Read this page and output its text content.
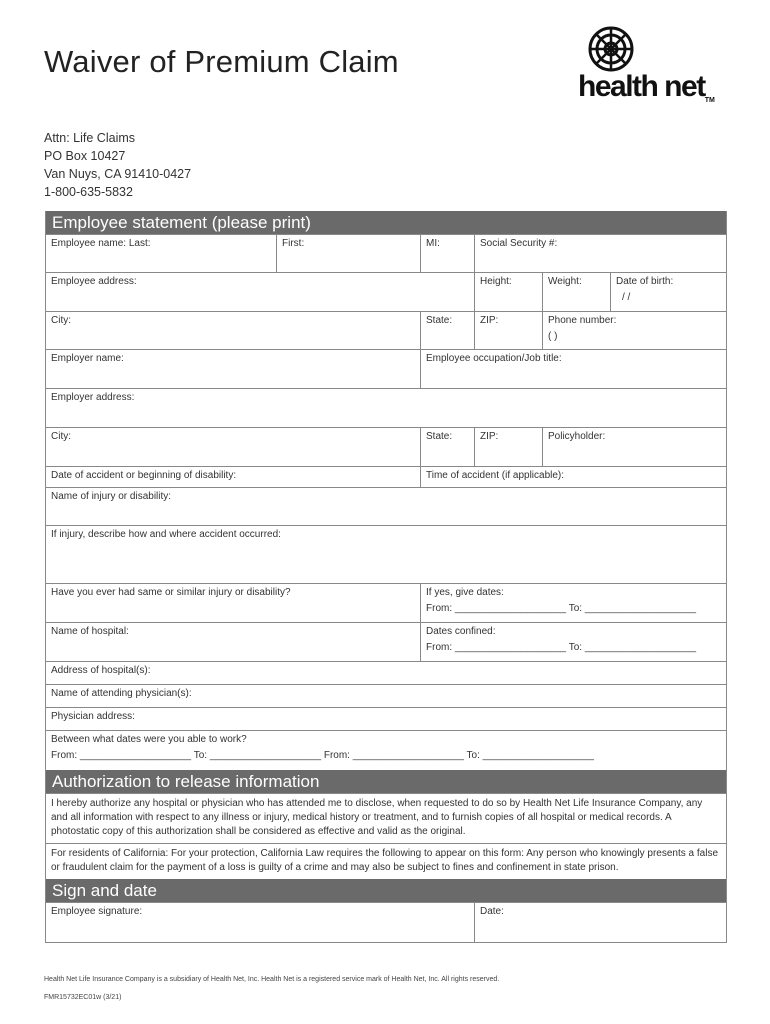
Waiver of Premium Claim
health netTM
Attn: Life Claims
PO Box 10427
Van Nuys, CA 91410-0427
1-800-635-5832
Employee statement (please print)
Employee name: Last:	First:	MI:	Social Security #:
Employee address:	Height:	Weight:	Date of birth:
/ /
City:	State:	ZIP:	Phone number:
( )
Employer name:	Employee occupation/Job title:
Employer address:
City:	State:	ZIP:	Policyholder:
Date of accident or beginning of disability:	Time of accident (if applicable):
Name of injury or disability:
If injury, describe how and where accident occurred:
Have you ever had same or similar injury or disability?	If yes, give dates:
From: ____________________ To: ____________________
Name of hospital:	Dates confined:
From: ____________________ To: ____________________
Address of hospital(s):
Name of attending physician(s):
Physician address:
Between what dates were you able to work?
From: ____________________ To: ____________________ From: ____________________ To: ____________________
Authorization to release information
I hereby authorize any hospital or physician who has attended me to disclose, when requested to do so by Health Net Life Insurance Company, any and all information with respect to any illness or injury, medical history or treatment, and to furnish copies of all hospital or medical records. A photostatic copy of this authorization shall be considered as effective and valid as the original.
For residents of California: For your protection, California Law requires the following to appear on this form: Any person who knowingly presents a false or fraudulent claim for the payment of a loss is guilty of a crime and may also be subject to fines and confinement in state prison.
Sign and date
Employee signature:	Date:
Health Net Life Insurance Company is a subsidiary of Health Net, Inc. Health Net is a registered service mark of Health Net, Inc. All rights reserved.
FMR15732EC01w (3/21)
